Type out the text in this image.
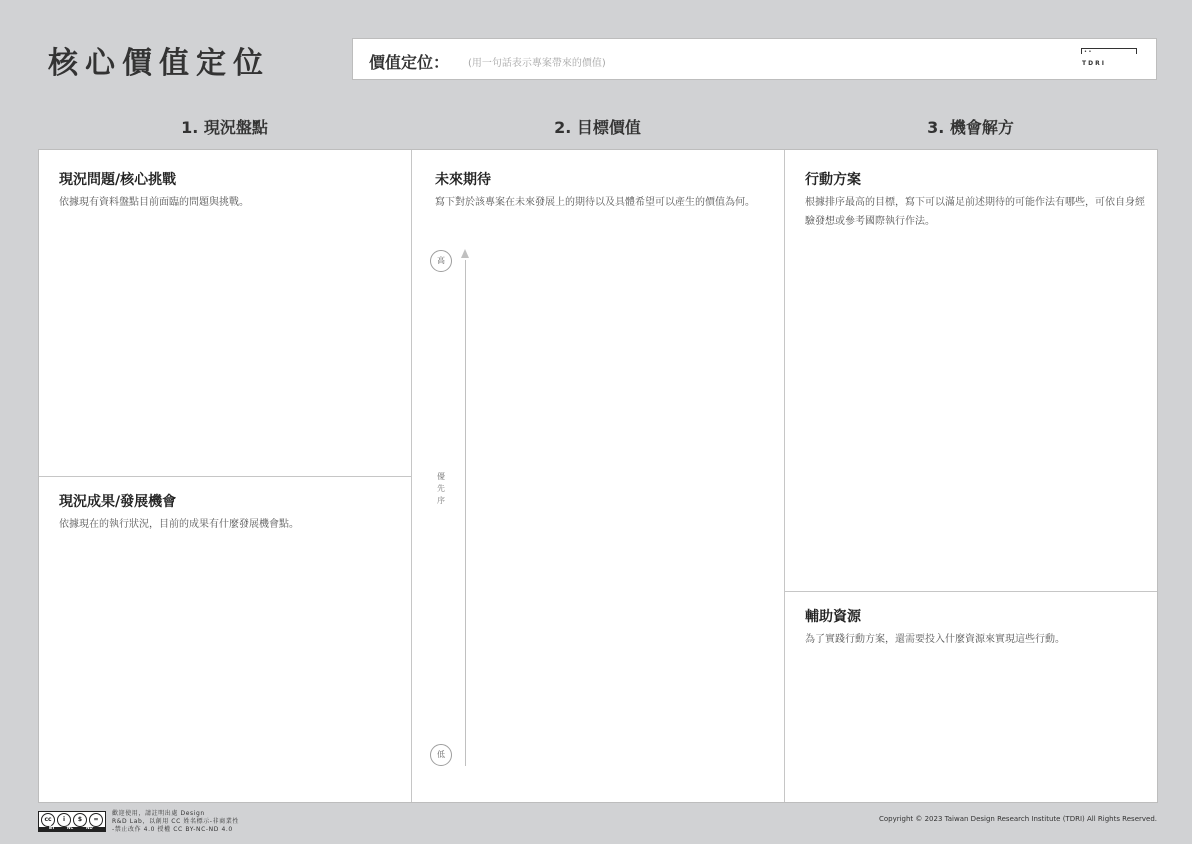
核心價值定位	價值定位： (用一句話表示專案帶來的價值)
• •
TDRI
1. 現況盤點	2. 目標價值	3. 機會解方
現況問題/核心挑戰

依據現有資料盤點目前面臨的問題與挑戰。

現況成果/發展機會

依據現在的執行狀況，目前的成果有什麼發展機會點。

未來期待

寫下對於該專案在未來發展上的期待以及具體希望可以產生的價值為何。

高
低
優先序
行動方案

根據排序最高的目標，寫下可以滿足前述期待的可能作法有哪些，可依自身經驗發想或參考國際執行作法。

輔助資源

為了實踐行動方案，還需要投入什麼資源來實現這些行動。

cc	i	$	=
BY	NC	ND
歡迎使用，請註明出處 Design
R&D Lab，以創用 CC 姓名標示-非商業性
-禁止改作 4.0 授權 CC BY-NC-ND 4.0
Copyright © 2023 Taiwan Design Research Institute (TDRI) All Rights Reserved.
